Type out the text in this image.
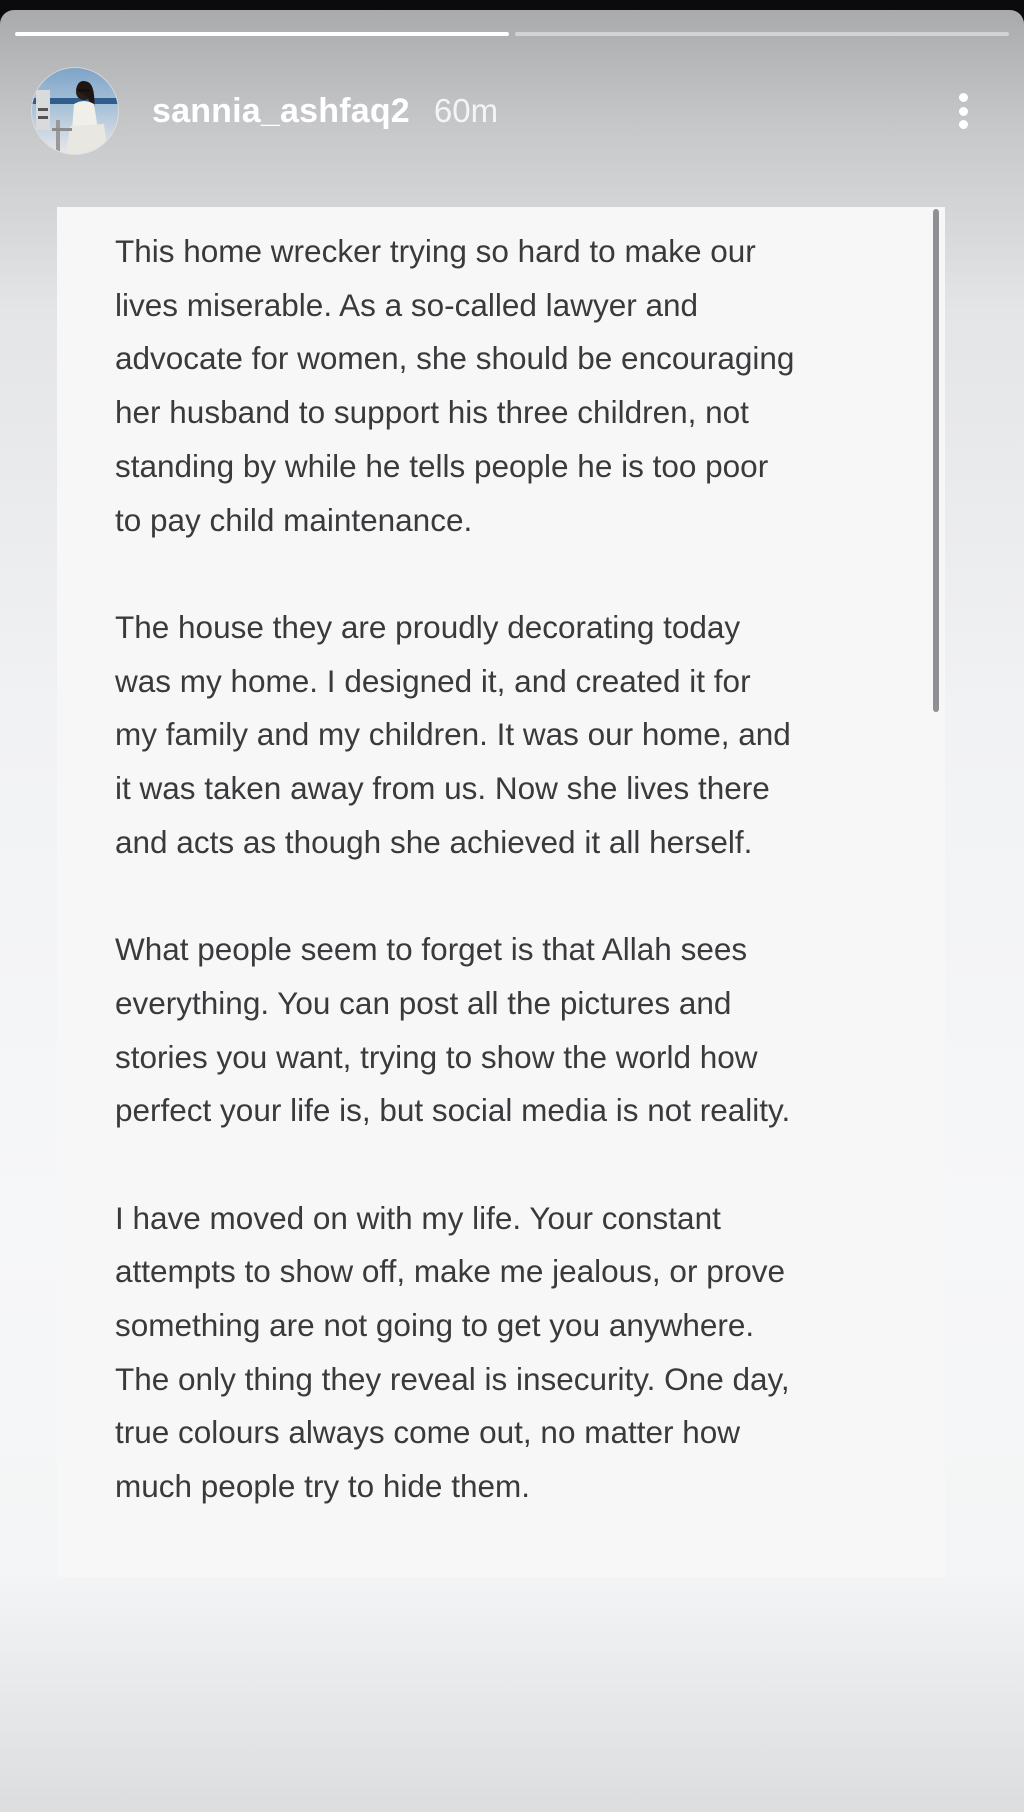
sannia_ashfaq2 60m

This home wrecker trying so hard to make our
lives miserable. As a so-called lawyer and
advocate for women, she should be encouraging
her husband to support his three children, not
standing by while he tells people he is too poor
to pay child maintenance.

The house they are proudly decorating today
was my home. I designed it, and created it for
my family and my children. It was our home, and
it was taken away from us. Now she lives there
and acts as though she achieved it all herself.

What people seem to forget is that Allah sees
everything. You can post all the pictures and
stories you want, trying to show the world how
perfect your life is, but social media is not reality.

I have moved on with my life. Your constant
attempts to show off, make me jealous, or prove
something are not going to get you anywhere.
The only thing they reveal is insecurity. One day,
true colours always come out, no matter how
much people try to hide them.
